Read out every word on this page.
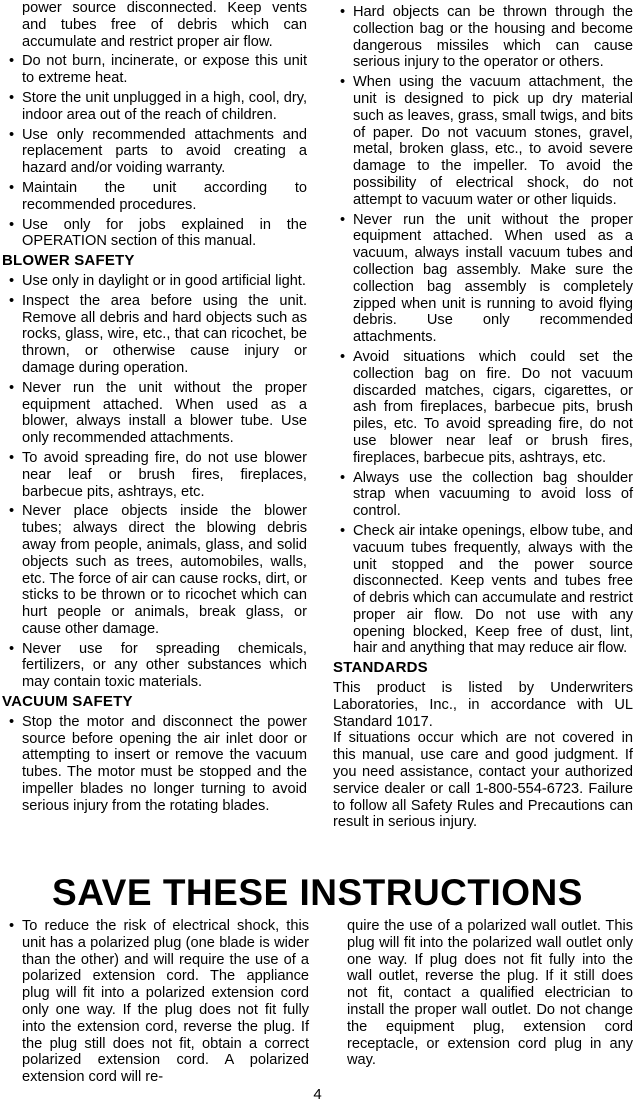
power source disconnected. Keep vents and tubes free of debris which can accumulate and restrict proper air flow.

• Do not burn, incinerate, or expose this unit to extreme heat.

• Store the unit unplugged in a high, cool, dry, indoor area out of the reach of children.

• Use only recommended attachments and replacement parts to avoid creating a hazard and/or voiding warranty.

• Maintain the unit according to recommended procedures.

• Use only for jobs explained in the OPERATION section of this manual.

BLOWER SAFETY

• Use only in daylight or in good artificial light.

• Inspect the area before using the unit. Remove all debris and hard objects such as rocks, glass, wire, etc., that can ricochet, be thrown, or otherwise cause injury or damage during operation.

• Never run the unit without the proper equipment attached. When used as a blower, always install a blower tube. Use only recommended attachments.

• To avoid spreading fire, do not use blower near leaf or brush fires, fireplaces, barbecue pits, ashtrays, etc.

• Never place objects inside the blower tubes; always direct the blowing debris away from people, animals, glass, and solid objects such as trees, automobiles, walls, etc. The force of air can cause rocks, dirt, or sticks to be thrown or to ricochet which can hurt people or animals, break glass, or cause other damage.

• Never use for spreading chemicals, fertilizers, or any other substances which may contain toxic materials.

VACUUM SAFETY

• Stop the motor and disconnect the power source before opening the air inlet door or attempting to insert or remove the vacuum tubes. The motor must be stopped and the impeller blades no longer turning to avoid serious injury from the rotating blades.

• Hard objects can be thrown through the collection bag or the housing and become dangerous missiles which can cause serious injury to the operator or others.

• When using the vacuum attachment, the unit is designed to pick up dry material such as leaves, grass, small twigs, and bits of paper. Do not vacuum stones, gravel, metal, broken glass, etc., to avoid severe damage to the impeller. To avoid the possibility of electrical shock, do not attempt to vacuum water or other liquids.

• Never run the unit without the proper equipment attached. When used as a vacuum, always install vacuum tubes and collection bag assembly. Make sure the collection bag assembly is completely zipped when unit is running to avoid flying debris. Use only recommended attachments.

• Avoid situations which could set the collection bag on fire. Do not vacuum discarded matches, cigars, cigarettes, or ash from fireplaces, barbecue pits, brush piles, etc. To avoid spreading fire, do not use blower near leaf or brush fires, fireplaces, barbecue pits, ashtrays, etc.

• Always use the collection bag shoulder strap when vacuuming to avoid loss of control.

• Check air intake openings, elbow tube, and vacuum tubes frequently, always with the unit stopped and the power source disconnected. Keep vents and tubes free of debris which can accumulate and restrict proper air flow. Do not use with any opening blocked, Keep free of dust, lint, hair and anything that may reduce air flow.

STANDARDS

This product is listed by Underwriters Laboratories, Inc., in accordance with UL Standard 1017.

If situations occur which are not covered in this manual, use care and good judgment. If you need assistance, contact your authorized service dealer or call 1-800-554-6723. Failure to follow all Safety Rules and Precautions can result in serious injury.

SAVE THESE INSTRUCTIONS

• To reduce the risk of electrical shock, this unit has a polarized plug (one blade is wider than the other) and will require the use of a polarized extension cord. The appliance plug will fit into a polarized extension cord only one way. If the plug does not fit fully into the extension cord, reverse the plug. If the plug still does not fit, obtain a correct polarized extension cord. A polarized extension cord will re-

quire the use of a polarized wall outlet. This plug will fit into the polarized wall outlet only one way. If plug does not fit fully into the wall outlet, reverse the plug. If it still does not fit, contact a qualified electrician to install the proper wall outlet. Do not change the equipment plug, extension cord receptacle, or extension cord plug in any way.

4
